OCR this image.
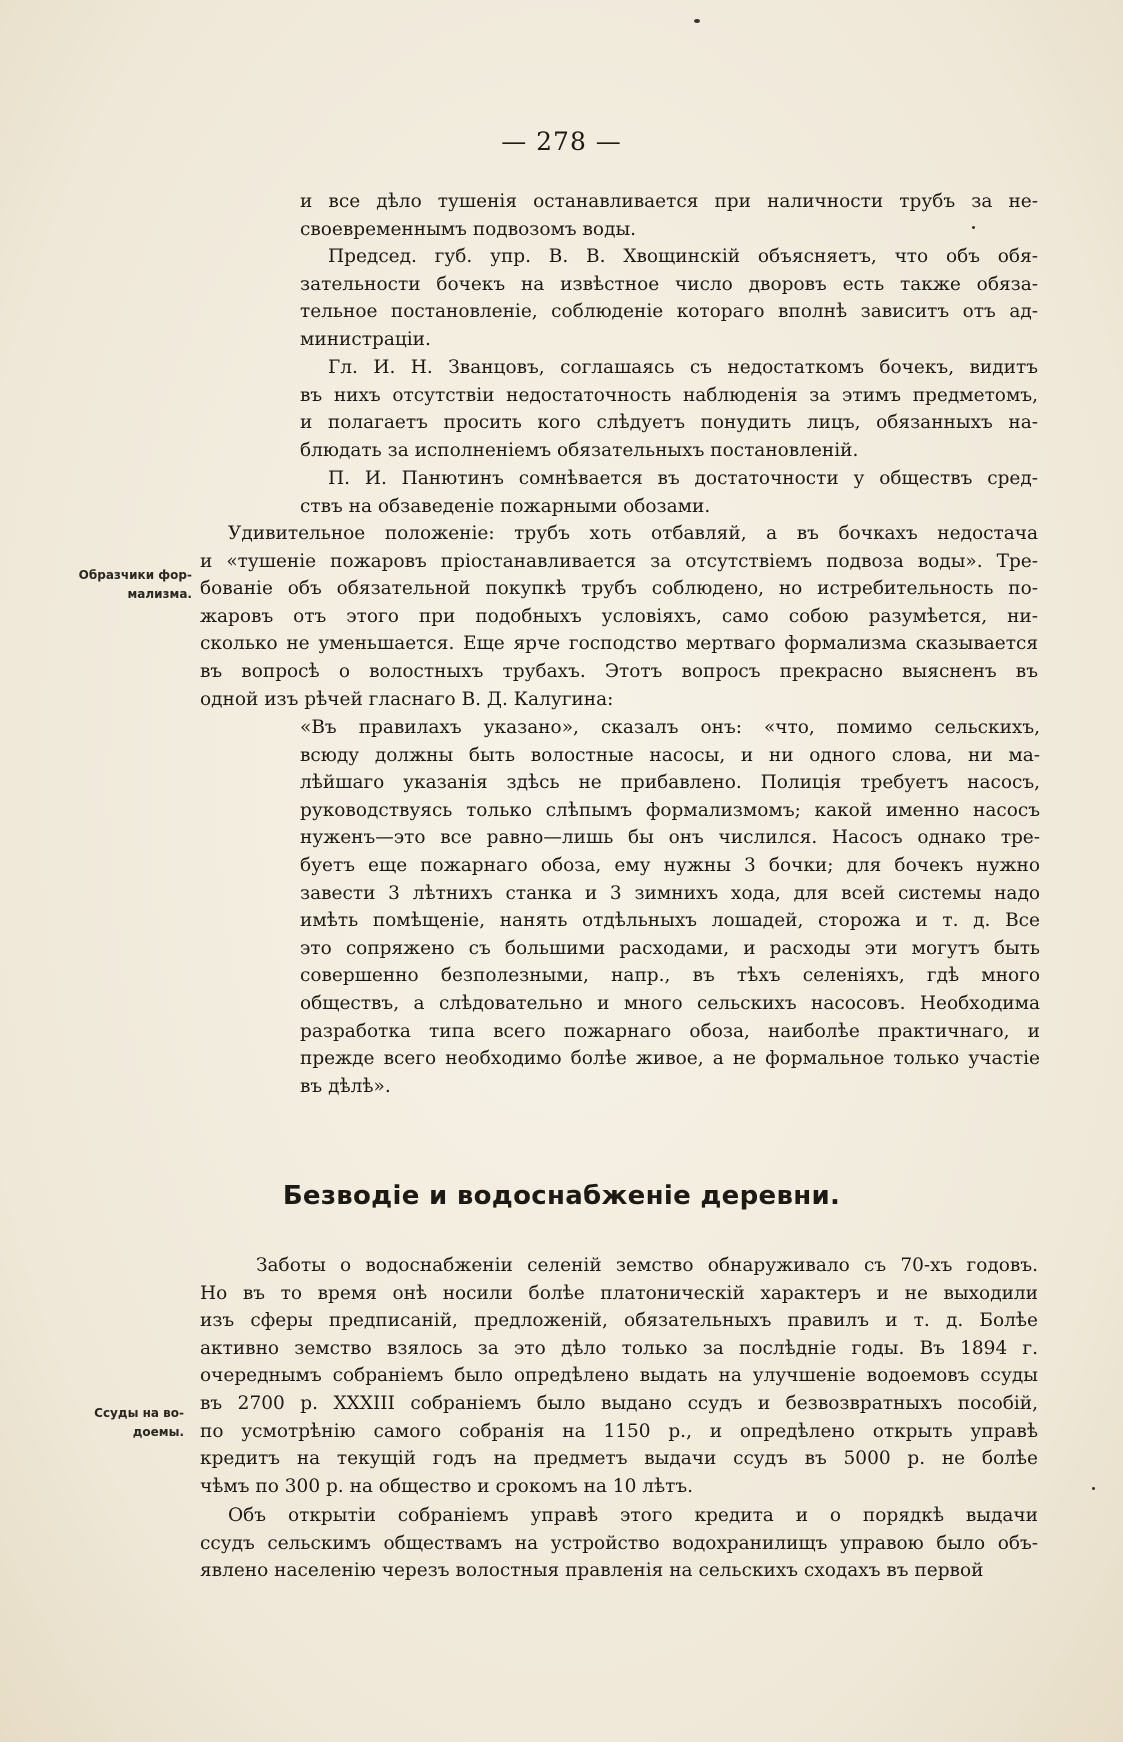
— 278 —
и все дѣло тушенія останавливается при наличности трубъ за не-
своевременнымъ подвозомъ воды.
Председ. губ. упр. В. В. Хвощинскій объясняетъ, что объ обя-
зательности бочекъ на извѣстное число дворовъ есть также обяза-
тельное постановленіе, соблюденіе котораго вполнѣ зависитъ отъ ад-
министраціи.
Гл. И. Н. Званцовъ, соглашаясь съ недостаткомъ бочекъ, видитъ
въ нихъ отсутствіи недостаточность наблюденія за этимъ предметомъ,
и полагаетъ просить кого слѣдуетъ понудить лицъ, обязанныхъ на-
блюдать за исполненіемъ обязательныхъ постановленій.
П. И. Панютинъ сомнѣвается въ достаточности у обществъ сред-
ствъ на обзаведеніе пожарными обозами.
Удивительное положеніе: трубъ хоть отбавляй, а въ бочкахъ недостача
и «тушеніе пожаровъ пріостанавливается за отсутствіемъ подвоза воды». Тре-
бованіе объ обязательной покупкѣ трубъ соблюдено, но истребительность по-
жаровъ отъ этого при подобныхъ условіяхъ, само собою разумѣется, ни-
сколько не уменьшается. Еще ярче господство мертваго формализма сказывается
въ вопросѣ о волостныхъ трубахъ. Этотъ вопросъ прекрасно выясненъ въ
одной изъ рѣчей гласнаго В. Д. Калугина:
«Въ правилахъ указано», сказалъ онъ: «что, помимо сельскихъ,
всюду должны быть волостные насосы, и ни одного слова, ни ма-
лѣйшаго указанія здѣсь не прибавлено. Полиція требуетъ насосъ,
руководствуясь только слѣпымъ формализмомъ; какой именно насосъ
нуженъ—это все равно—лишь бы онъ числился. Насосъ однако тре-
буетъ еще пожарнаго обоза, ему нужны 3 бочки; для бочекъ нужно
завести 3 лѣтнихъ станка и 3 зимнихъ хода, для всей системы надо
имѣть помѣщеніе, нанять отдѣльныхъ лошадей, сторожа и т. д. Все
это сопряжено съ большими расходами, и расходы эти могутъ быть
совершенно безполезными, напр., въ тѣхъ селеніяхъ, гдѣ много
обществъ, а слѣдовательно и много сельскихъ насосовъ. Необходима
разработка типа всего пожарнаго обоза, наиболѣе практичнаго, и
прежде всего необходимо болѣе живое, а не формальное только участіе
въ дѣлѣ».
Образчики фор-
мализма.
Безводіе и водоснабженіе деревни.
Заботы о водоснабженіи селеній земство обнаруживало съ 70-хъ годовъ.
Но въ то время онѣ носили болѣе платоническій характеръ и не выходили
изъ сферы предписаній, предложеній, обязательныхъ правилъ и т. д. Болѣе
активно земство взялось за это дѣло только за послѣдніе годы. Въ 1894 г.
очереднымъ собраніемъ было опредѣлено выдать на улучшеніе водоемовъ ссуды
въ 2700 р. XXXIII собраніемъ было выдано ссудъ и безвозвратныхъ пособій,
по усмотрѣнію самого собранія на 1150 р., и опредѣлено открыть управѣ
кредитъ на текущій годъ на предметъ выдачи ссудъ въ 5000 р. не болѣе
чѣмъ по 300 р. на общество и срокомъ на 10 лѣтъ.
Ссуды на во-
доемы.
Объ открытіи собраніемъ управѣ этого кредита и о порядкѣ выдачи
ссудъ сельскимъ обществамъ на устройство водохранилищъ управою было объ-
явлено населенію черезъ волостныя правленія на сельскихъ сходахъ въ первой
